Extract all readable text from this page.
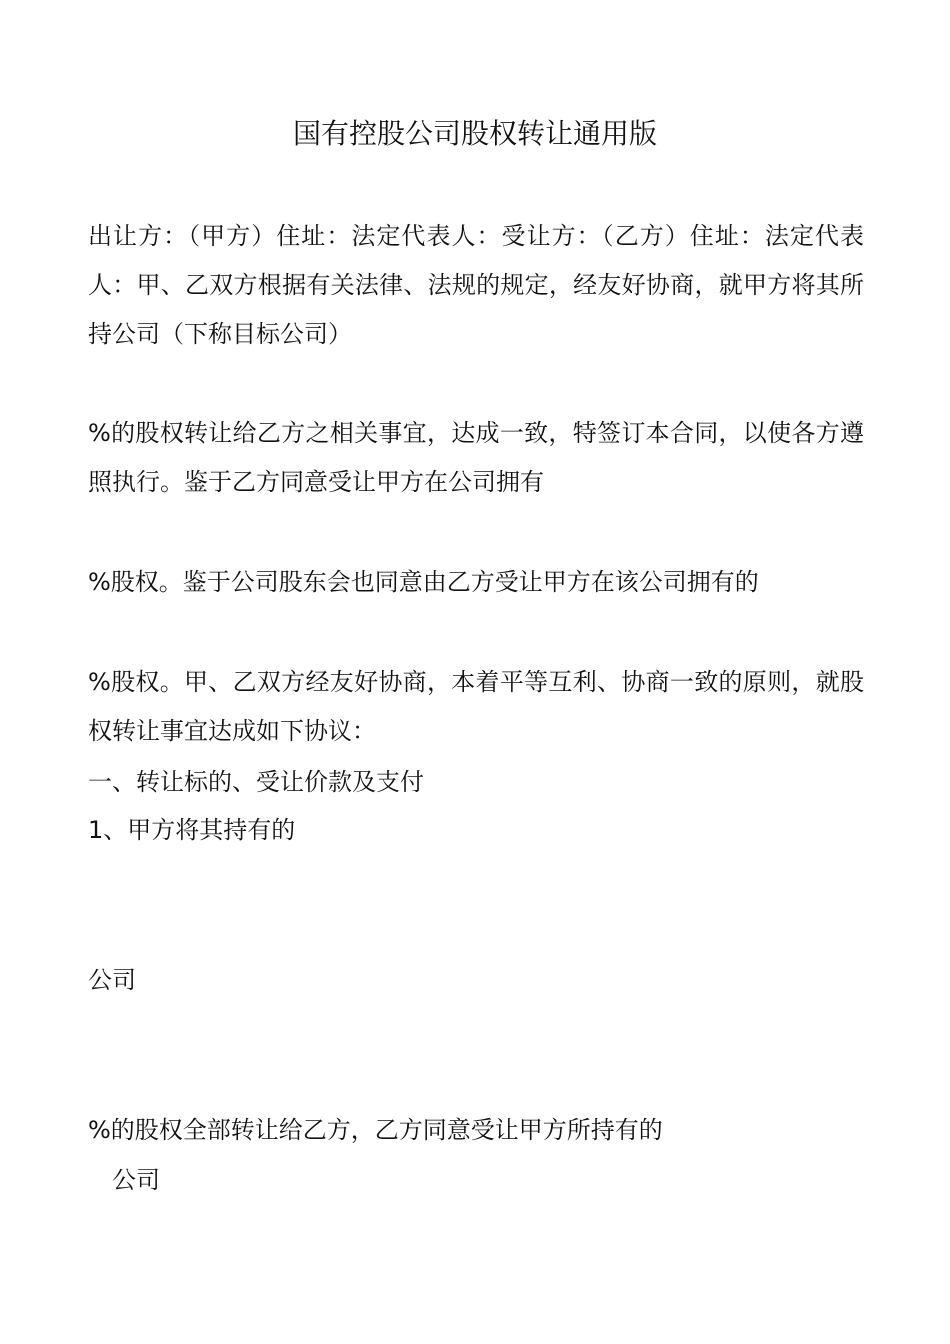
国有控股公司股权转让通用版

出让方：（甲方）住址：法定代表人：受让方：（乙方）住址：法定代表人：甲、乙双方根据有关法律、法规的规定，经友好协商，就甲方将其所持公司（下称目标公司）

%的股权转让给乙方之相关事宜，达成一致，特签订本合同，以使各方遵照执行。鉴于乙方同意受让甲方在公司拥有

%股权。鉴于公司股东会也同意由乙方受让甲方在该公司拥有的

%股权。甲、乙双方经友好协商，本着平等互利、协商一致的原则，就股权转让事宜达成如下协议：

一、转让标的、受让价款及支付

1、甲方将其持有的

公司

%的股权全部转让给乙方，乙方同意受让甲方所持有的

公司
